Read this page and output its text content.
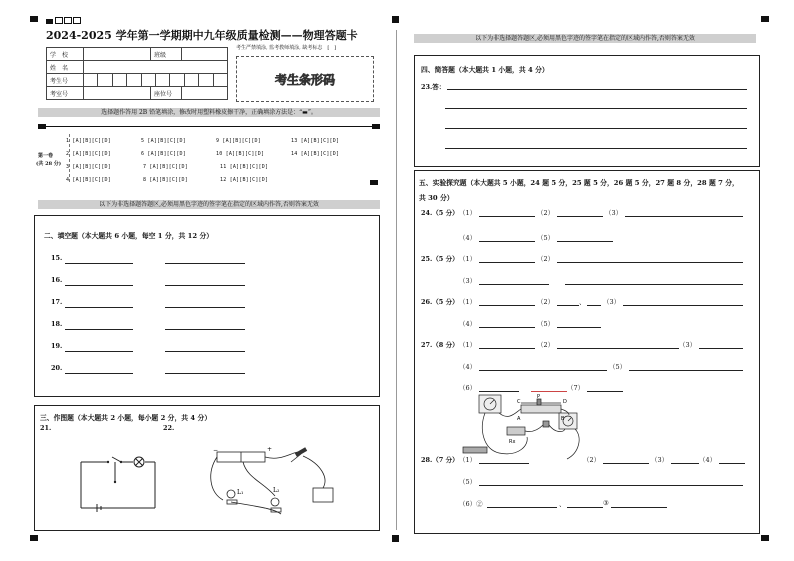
2024-2025 学年第一学期期中九年级质量检测——物理答题卡
学　校		班级	
姓　名			
考生号			

考室号		座位号	
考生严禁填涂, 监考教师填涂, 缺考标志　[　]
考生条形码
选择题作答用 2B 铅笔填涂，修改时用塑料橡皮擦干净，正确填涂方法是：“▬”。
第一卷
(共 28 分)
1 [A][B][C][D]	5 [A][B][C][D]	9 [A][B][C][D]	13 [A][B][C][D]
2 [A][B][C][D]	6 [A][B][C][D]	10 [A][B][C][D]	14 [A][B][C][D]
3 [A][B][C][D]	7 [A][B][C][D]	11 [A][B][C][D]
4 [A][B][C][D]	8 [A][B][C][D]	12 [A][B][C][D]
以下为非选择题答题区,必须用黑色字迹的签字笔在指定的区域内作答,否则答案无效
二、填空题（本大题共 6 小题，每空 1 分，共 12 分）
15.
16.
17.
18.
19.
20.
三、作图题（本大题共 2 小题，每小题 2 分，共 4 分）
21.	22.
−	+
L₁	L₂
以下为非选择题答题区,必须用黑色字迹的签字笔在指定的区域内作答,否则答案无效
四、简答题（本大题共 1 小题，共 4 分）
23.答：
五、实验探究题（本大题共 5 小题，24 题 5 分，25 题 5 分，26 题 5 分，27 题 8 分，28 题 7 分，
共 30 分）
24.（5 分） （1）	（2）	（3）
（4）	（5）
25.（5 分） （1）	（2）
（3）
26.（5 分） （1）	（2）	、	（3）
（4）	（5）
27.（8 分） （1）	（2）	（3）
（4）	（5）
（6）	（7）
C
P
D
A	B
Rx
28.（7 分） （1）	（2）	（3）	（4）
（5）
（6）②	、	③
